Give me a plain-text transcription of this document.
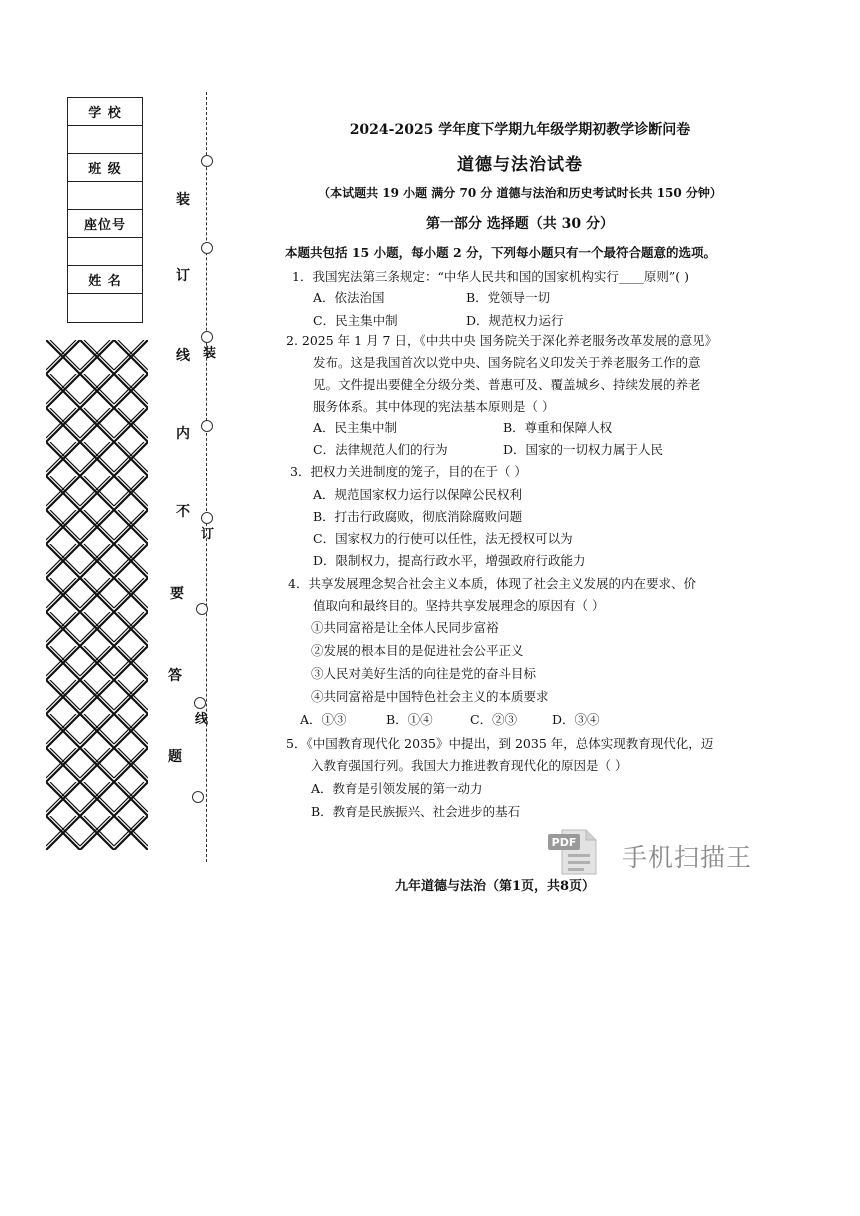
学 校
班 级
座位号
姓 名
装
订
线
内
不
要
答
题
装
订
线
2024-2025 学年度下学期九年级学期初教学诊断问卷
道德与法治试卷
（本试题共 19 小题 满分 70 分 道德与法治和历史考试时长共 150 分钟）
第一部分 选择题（共 30 分）
本题共包括 15 小题，每小题 2 分，下列每小题只有一个最符合题意的选项。
1．我国宪法第三条规定：“中华人民共和国的国家机构实行____原则”( )
A．依法治国	B．党领导一切
C．民主集中制	D．规范权力运行
2. 2025 年 1 月 7 日，《中共中央 国务院关于深化养老服务改革发展的意见》
发布。这是我国首次以党中央、国务院名义印发关于养老服务工作的意
见。文件提出要健全分级分类、普惠可及、覆盖城乡、持续发展的养老
服务体系。其中体现的宪法基本原则是（ ）
A．民主集中制	B．尊重和保障人权
C．法律规范人们的行为	D．国家的一切权力属于人民
3．把权力关进制度的笼子，目的在于（ ）
A．规范国家权力运行以保障公民权利
B．打击行政腐败，彻底消除腐败问题
C．国家权力的行使可以任性，法无授权可以为
D．限制权力，提高行政水平，增强政府行政能力
4．共享发展理念契合社会主义本质，体现了社会主义发展的内在要求、价
值取向和最终目的。坚持共享发展理念的原因有（ ）
①共同富裕是让全体人民同步富裕
②发展的根本目的是促进社会公平正义
③人民对美好生活的向往是党的奋斗目标
④共同富裕是中国特色社会主义的本质要求
A．①③	B．①④	C．②③	D．③④
5．《中国教育现代化 2035》中提出，到 2035 年，总体实现教育现代化，迈
入教育强国行列。我国大力推进教育现代化的原因是（ ）
A．教育是引领发展的第一动力
B．教育是民族振兴、社会进步的基石
PDF
手机扫描王
九年道德与法治（第1页，共8页）
